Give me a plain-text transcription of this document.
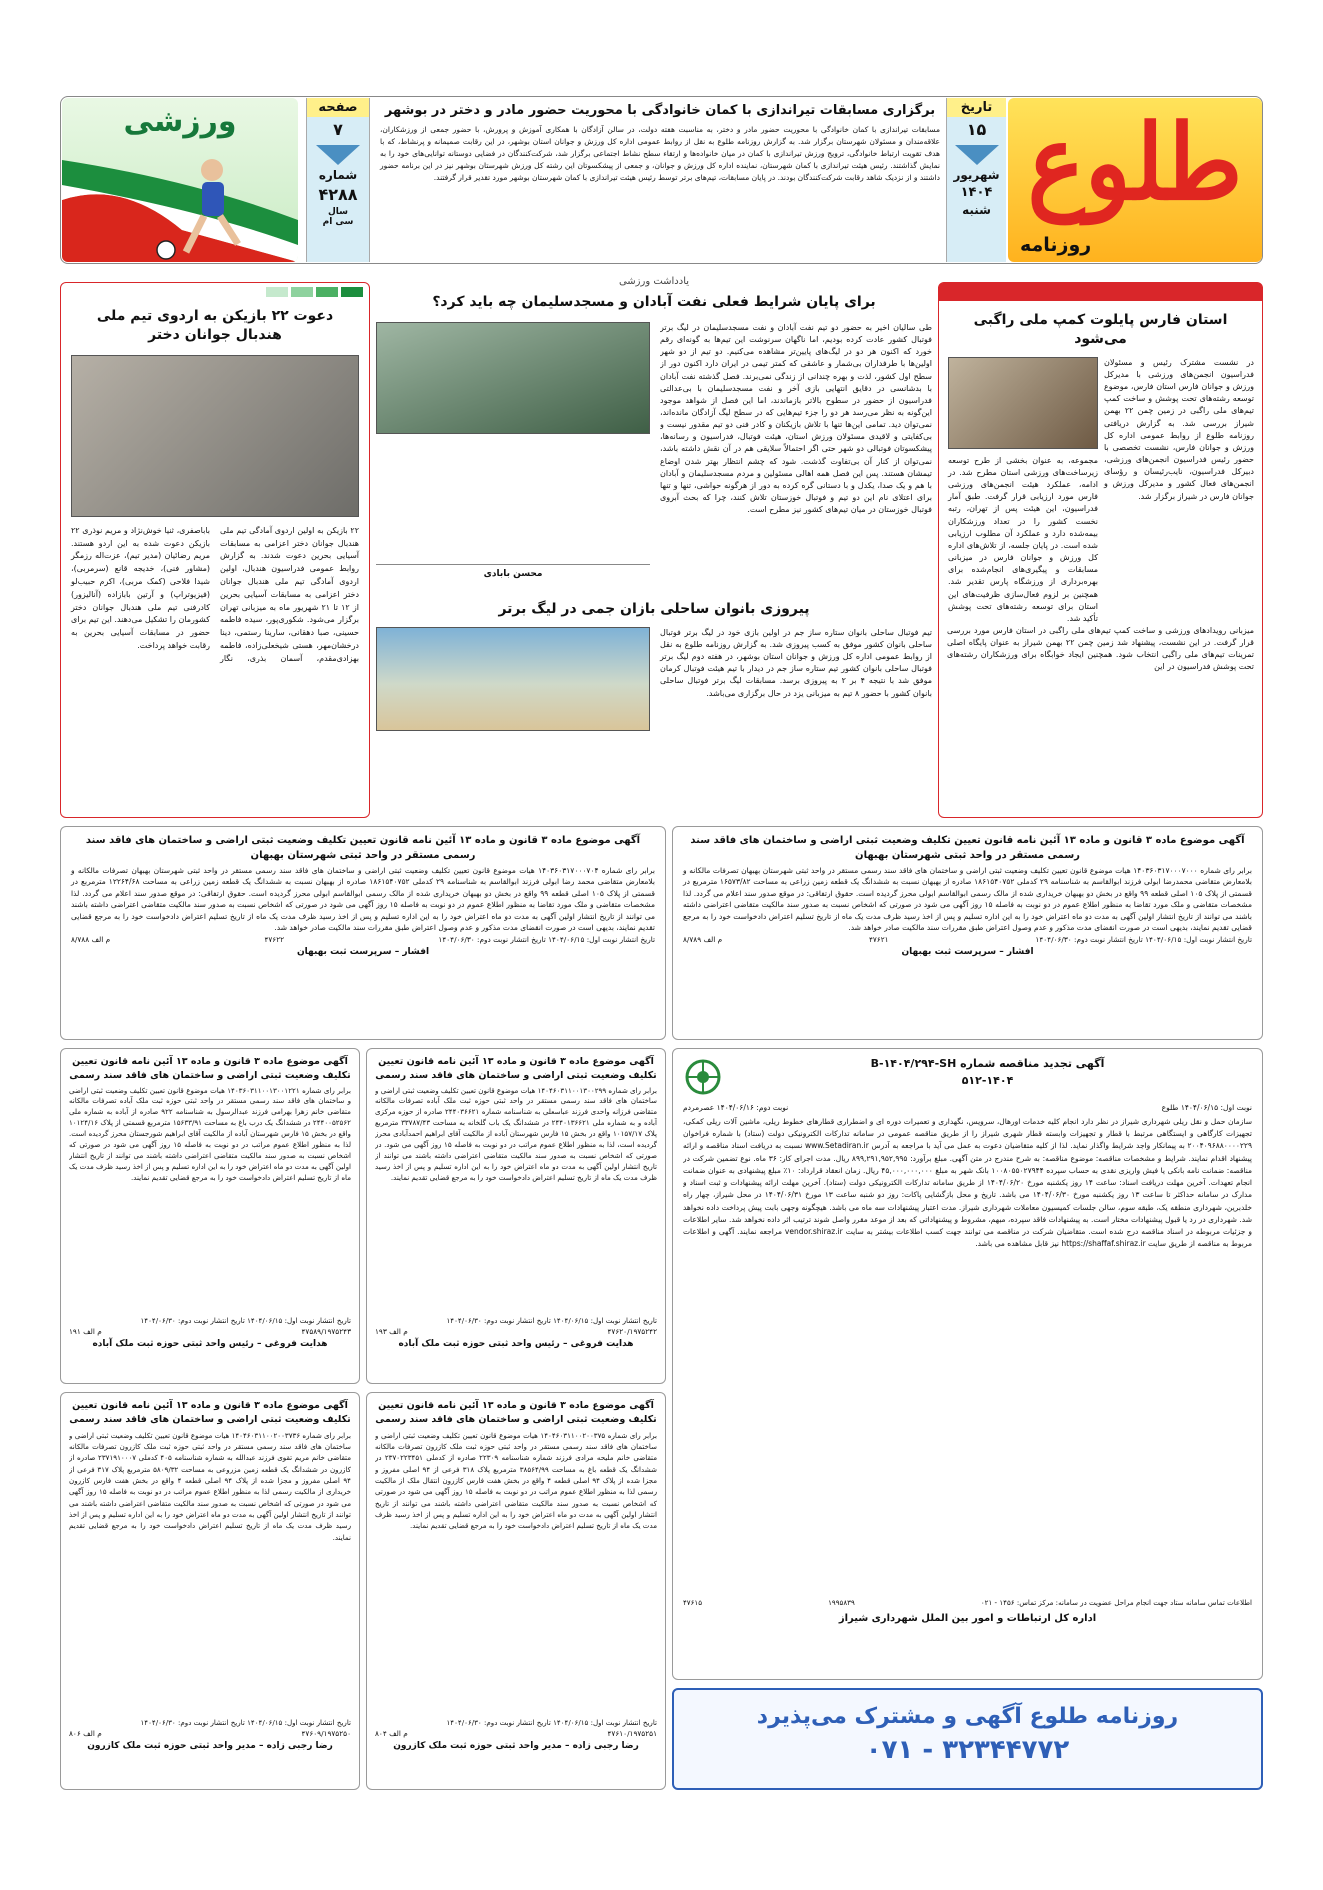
طلوع
روزنامه
تاریخ
۱۵
شهریور
۱۴۰۴
شنبه
برگزاری مسابقات تیراندازی با کمان خانوادگی با محوریت حضور مادر و دختر در بوشهر
مسابقات تیراندازی با کمان خانوادگی با محوریت حضور مادر و دختر، به مناسبت هفته دولت، در سالن آزادگان با همکاری آموزش و پرورش، با حضور جمعی از ورزشکاران، علاقه‌مندان و مسئولان شهرستان برگزار شد. به گزارش روزنامه طلوع به نقل از روابط عمومی اداره کل ورزش و جوانان استان بوشهر، در این رقابت صمیمانه و پرنشاط، که با هدف تقویت ارتباط خانوادگی، ترویج ورزش تیراندازی با کمان در میان خانواده‌ها و ارتقاء سطح نشاط اجتماعی برگزار شد، شرکت‌کنندگان در فضایی دوستانه توانایی‌های خود را به نمایش گذاشتند. رئیس هیئت تیراندازی با کمان شهرستان، نماینده اداره کل ورزش و جوانان، و جمعی از پیشکسوتان این رشته کل ورزش شهرستان بوشهر نیز در این برنامه حضور داشتند و از نزدیک شاهد رقابت شرکت‌کنندگان بودند. در پایان مسابقات، تیم‌های برتر توسط رئیس هیئت تیراندازی با کمان شهرستان بوشهر مورد تقدیر قرار گرفتند.
صفحه
۷
شماره
۴۲۸۸
سال
سی ام
ورزشی
استان فارس پایلوت کمپ ملی راگبی می‌شود
در نشست مشترک رئیس و مسئولان فدراسیون انجمن‌های ورزشی با مدیرکل ورزش و جوانان فارس استان فارس، موضوع توسعه رشته‌های تحت پوشش و ساخت کمپ تیم‌های ملی راگبی در زمین چمن ۲۲ بهمن شیراز بررسی شد. به گزارش دریافتی روزنامه طلوع از روابط عمومی اداره کل ورزش و جوانان فارس، نشست تخصصی با حضور رئیس فدراسیون انجمن‌های ورزشی، دبیرکل فدراسیون، نایب‌رئیسان و رؤسای انجمن‌های فعال کشور و مدیرکل ورزش و جوانان فارس در شیراز برگزار شد.
مجموعه، به عنوان بخشی از طرح توسعه زیرساخت‌های ورزشی استان مطرح شد. در ادامه، عملکرد هیئت انجمن‌های ورزشی فارس مورد ارزیابی قرار گرفت. طبق آمار فدراسیون، این هیئت پس از تهران، رتبه نخست کشور را در تعداد ورزشکاران بیمه‌شده دارد و عملکرد آن مطلوب ارزیابی شده است. در پایان جلسه، از تلاش‌های اداره کل ورزش و جوانان فارس در میزبانی مسابقات و پیگیری‌های انجام‌شده برای بهره‌برداری از ورزشگاه پارس تقدیر شد. همچنین بر لزوم فعال‌سازی ظرفیت‌های این استان برای توسعه رشته‌های تحت پوشش تأکید شد.
میزبانی رویدادهای ورزشی و ساخت کمپ تیم‌های ملی راگبی در استان فارس مورد بررسی قرار گرفت. در این نشست، پیشنهاد شد زمین چمن ۲۲ بهمن شیراز به عنوان پایگاه اصلی تمرینات تیم‌های ملی راگبی انتخاب شود. همچنین ایجاد خوابگاه برای ورزشکاران رشته‌های تحت پوشش فدراسیون در این
یادداشت ورزشی
برای پایان شرایط فعلی نفت آبادان و مسجدسلیمان چه باید کرد؟
طی سالیان اخیر به حضور دو تیم نفت آبادان و نفت مسجدسلیمان در لیگ برتر فوتبال کشور عادت کرده بودیم، اما ناگهان سرنوشت این تیم‌ها به گونه‌ای رقم خورد که اکنون هر دو در لیگ‌های پایین‌تر مشاهده می‌کنیم. دو تیم از دو شهر اولین‌ها با طرفداران بی‌شمار و عاشقی که کمتر تیمی در ایران دارد اکنون دور از سطح اول کشور، لذت و بهره چندانی از زندگی نمی‌برند. فصل گذشته نفت آبادان با بدشانسی در دقایق انتهایی بازی آخر و نفت مسجدسلیمان با بی‌عدالتی فدراسیون از حضور در سطوح بالاتر بازماندند، اما این فصل از شواهد موجود این‌گونه به نظر می‌رسد هر دو را جزء تیم‌هایی که در سطح لیگ آزادگان مانده‌اند، نمی‌توان دید. تمامی این‌ها تنها با تلاش بازیکنان و کادر فنی دو تیم مقدور نیست و بی‌کفایتی و لاقیدی مسئولان ورزش استان، هیئت فوتبال، فدراسیون و رسانه‌ها، پیشکسوتان فوتبالی دو شهر حتی اگر احتمالاً سلایقی هم در آن نقش داشته باشد، نمی‌توان از کنار آن بی‌تفاوت گذشت. شود که چشم انتظار بهتر شدن اوضاع تیمشان هستند. پس این فصل همه اهالی مسئولین و مردم مسجدسلیمان و آبادان با هم و یک صدا، یکدل و با دستانی گره کرده به دور از هرگونه حواشی، تنها و تنها برای اعتلای نام این دو تیم و فوتبال خوزستان تلاش کنند، چرا که بحث آبروی فوتبال خوزستان در میان تیم‌های کشور نیز مطرح است.
محسن بابادی
پیروزی بانوان ساحلی بازان جمی در لیگ برتر
تیم فوتبال ساحلی بانوان ستاره ساز جم در اولین بازی خود در لیگ برتر فوتبال ساحلی بانوان کشور موفق به کسب پیروزی شد. به گزارش روزنامه طلوع به نقل از روابط عمومی اداره کل ورزش و جوانان استان بوشهر، در هفته دوم لیگ برتر فوتبال ساحلی بانوان کشور تیم ستاره ساز جم در دیدار با تیم هیئت فوتبال کرمان موفق شد با نتیجه ۴ بر ۲ به پیروزی برسد. مسابقات لیگ برتر فوتبال ساحلی بانوان کشور با حضور ۸ تیم به میزبانی یزد در حال برگزاری می‌باشد.
دعوت ۲۲ بازیکن به اردوی تیم ملی هندبال جوانان دختر
۲۲ بازیکن به اولین اردوی آمادگی تیم ملی هندبال جوانان دختر اعزامی به مسابقات آسیایی بحرین دعوت شدند. به گزارش روابط عمومی فدراسیون هندبال، اولین اردوی آمادگی تیم ملی هندبال جوانان دختر اعزامی به مسابقات آسیایی بحرین از ۱۲ تا ۲۱ شهریور ماه به میزبانی تهران برگزار می‌شود. شکوری‌پور، سیده فاطمه حسینی، صبا دهقانی، سارینا رستمی، دینا درخشان‌مهر، هستی شیخعلی‌زاده، فاطمه بهزادی‌مقدم، آسمان بذری، نگار باباصفری، ثنیا خوش‌نژاد و مریم نوذری ۲۲ بازیکن دعوت شده به این اردو هستند. مریم رضائیان (مدیر تیم)، عزت‌اله رزمگر (مشاور فنی)، خدیجه قانع (سرمربی)، شیدا فلاحی (کمک مربی)، اکرم حبیب‌لو (فیزیوتراپ) و آرتین بابازاده (آنالیزور) کادرفنی تیم ملی هندبال جوانان دختر کشورمان را تشکیل می‌دهند. این تیم برای حضور در مسابقات آسیایی بحرین به رقابت خواهد پرداخت.
آگهی موضوع ماده ۳ قانون و ماده ۱۳ آئین نامه قانون تعیین تکلیف وضعیت ثبتی اراضی و ساختمان های فاقد سند رسمی مستقر در واحد ثبتی شهرستان بهبهان
برابر رای شماره ۱۴۰۳۶۰۳۱۷۰۰۰۷۰۰۰ هیات موضوع قانون تعیین تکلیف وضعیت ثبتی اراضی و ساختمان های فاقد سند رسمی مستقر در واحد ثبتی شهرستان بهبهان تصرفات مالکانه و بلامعارض متقاضی محمدرضا ابولی فرزند ابوالقاسم به شناسنامه ۲۹ کدملی ۱۸۶۱۵۴۰۷۵۲ صادره از بهبهان نسبت به ششدانگ یک قطعه زمین زراعی به مساحت ۱۶۵۷۳/۸۲ مترمربع در قسمتی از پلاک ۱۰۵ اصلی قطعه ۹۹ واقع در بخش دو بهبهان خریداری شده از مالک رسمی ابوالقاسم ابولی محرز گردیده است. حقوق ارتفاقی: در موقع صدور سند اعلام می گردد. لذا مشخصات متقاضی و ملک مورد تقاضا به منظور اطلاع عموم در دو نوبت به فاصله ۱۵ روز آگهی می شود در صورتی که اشخاص نسبت به صدور سند مالکیت متقاضی اعتراضی داشته باشند می توانند از تاریخ انتشار اولین آگهی به مدت دو ماه اعتراض خود را به این اداره تسلیم و پس از اخذ رسید ظرف مدت یک ماه از تاریخ تسلیم اعتراض دادخواست خود را به مرجع قضایی تقدیم نمایند، بدیهی است در صورت انقضای مدت مذکور و عدم وصول اعتراض طبق مقررات سند مالکیت صادر خواهد شد.
تاریخ انتشار نوبت اول: ۱۴۰۴/۰۶/۱۵ تاریخ انتشار نوبت دوم: ۱۴۰۴/۰۶/۳۰
۴۷۶۲۱
م الف ۸/۷۸۹
افشار – سرپرست ثبت بهبهان
آگهی موضوع ماده ۳ قانون و ماده ۱۳ آئین نامه قانون تعیین تکلیف وضعیت ثبتی اراضی و ساختمان های فاقد سند رسمی مستقر در واحد ثبتی شهرستان بهبهان
برابر رای شماره ۱۴۰۳۶۰۳۱۷۰۰۰۷۰۴ هیات موضوع قانون تعیین تکلیف وضعیت ثبتی اراضی و ساختمان های فاقد سند رسمی مستقر در واحد ثبتی شهرستان بهبهان تصرفات مالکانه و بلامعارض متقاضی محمد رضا ابولی فرزند ابوالقاسم به شناسنامه ۲۹ کدملی ۱۸۶۱۵۴۰۷۵۲ صادره از بهبهان نسبت به ششدانگ یک قطعه زمین زراعی به مساحت ۱۲۲۶۴/۶۸ مترمربع در قسمتی از پلاک ۱۰۵ اصلی قطعه ۹۹ واقع در بخش دو بهبهان خریداری شده از مالک رسمی ابوالقاسم ابولی محرز گردیده است. حقوق ارتفاقی: در موقع صدور سند اعلام می گردد. لذا مشخصات متقاضی و ملک مورد تقاضا به منظور اطلاع عموم در دو نوبت به فاصله ۱۵ روز آگهی می شود در صورتی که اشخاص نسبت به صدور سند مالکیت متقاضی اعتراضی داشته باشند می توانند از تاریخ انتشار اولین آگهی به مدت دو ماه اعتراض خود را به این اداره تسلیم و پس از اخذ رسید ظرف مدت یک ماه از تاریخ تسلیم اعتراض دادخواست خود را به مرجع قضایی تقدیم نمایند، بدیهی است در صورت انقضای مدت مذکور و عدم وصول اعتراض طبق مقررات سند مالکیت صادر خواهد شد.
تاریخ انتشار نوبت اول: ۱۴۰۴/۰۶/۱۵ تاریخ انتشار نوبت دوم: ۱۴۰۴/۰۶/۳۰
۴۷۶۲۲
م الف ۸/۷۸۸
افشار – سرپرست ثبت بهبهان
آگهی موضوع ماده ۳ قانون و ماده ۱۳ آئین نامه قانون تعیین تکلیف وضعیت ثبتی اراضی و ساختمان های فاقد سند رسمی
برابر رای شماره ۱۴۰۴۶۰۳۱۱۰۰۱۳۰۰۲۹۹ هیات موضوع قانون تعیین تکلیف وضعیت ثبتی اراضی و ساختمان های فاقد سند رسمی مستقر در واحد ثبتی حوزه ثبت ملک آباده تصرفات مالکانه متقاضی فرزانه واحدی فرزند عباسعلی به شناسنامه شماره ۲۴۴۰۳۶۶۲۱ صادره از حوزه مرکزی آباده و به شماره ملی ۲۴۴۰۱۳۶۶۲۱ در ششدانگ یک باب گلخانه به مساحت ۳۳۷۸۷/۴۳ مترمربع پلاک ۱۰۱۵۷/۱۷ واقع در بخش ۱۵ فارس شهرستان آباده از مالکیت آقای ابراهیم احمدآبادی محرز گردیده است، لذا به منظور اطلاع عموم مراتب در دو نوبت به فاصله ۱۵ روز آگهی می شود. در صورتی که اشخاص نسبت به صدور سند مالکیت متقاضی اعتراضی داشته باشند می توانند از تاریخ انتشار اولین آگهی به مدت دو ماه اعتراض خود را به این اداره تسلیم و پس از اخذ رسید ظرف مدت یک ماه از تاریخ تسلیم اعتراض دادخواست خود را به مرجع قضایی تقدیم نمایند.
تاریخ انتشار نوبت اول: ۱۴۰۴/۰۶/۱۵ تاریخ انتشار نوبت دوم: ۱۴۰۴/۰۶/۳۰
۴۷۶۲۰/۱۹۷۵۲۴۲
م الف ۱۹۳
هدایت فروغی – رئیس واحد ثبتی حوزه ثبت ملک آباده
آگهی موضوع ماده ۳ قانون و ماده ۱۳ آئین نامه قانون تعیین تکلیف وضعیت ثبتی اراضی و ساختمان های فاقد سند رسمی
برابر رای شماره ۱۴۰۳۶۰۳۱۱۰۰۱۳۰۰۱۲۲۱ هیات موضوع قانون تعیین تکلیف وضعیت ثبتی اراضی و ساختمان های فاقد سند رسمی مستقر در واحد ثبتی حوزه ثبت ملک آباده تصرفات مالکانه متقاضی خانم زهرا بهرامی فرزند عبدالرسول به شناسنامه ۹۲۲ صادره از آباده به شماره ملی ۲۴۴۰۰۵۲۵۶۲ در ششدانگ یک درب باغ به مساحت ۱۵۶۳۳/۹۱ مترمربع قسمتی از پلاک ۱۰۱۲۴/۱۶ واقع در بخش ۱۵ فارس شهرستان آباده از مالکیت آقای ابراهیم شورجستان محرز گردیده است. لذا به منظور اطلاع عموم مراتب در دو نوبت به فاصله ۱۵ روز آگهی می شود در صورتی که اشخاص نسبت به صدور سند مالکیت متقاضی اعتراضی داشته باشند می توانند از تاریخ انتشار اولین آگهی به مدت دو ماه اعتراض خود را به این اداره تسلیم و پس از اخذ رسید ظرف مدت یک ماه از تاریخ تسلیم اعتراض دادخواست خود را به مرجع قضایی تقدیم نمایند.
تاریخ انتشار نوبت اول: ۱۴۰۴/۰۶/۱۵ تاریخ انتشار نوبت دوم: ۱۴۰۴/۰۶/۳۰
۴۷۵۸۹/۱۹۷۵۲۴۳
م الف ۱۹۱
هدایت فروغی – رئیس واحد ثبتی حوزه ثبت ملک آباده
آگهی موضوع ماده ۳ قانون و ماده ۱۳ آئین نامه قانون تعیین تکلیف وضعیت ثبتی اراضی و ساختمان های فاقد سند رسمی
برابر رای شماره ۱۴۰۴۶۰۳۱۱۰۰۲۰۰۳۷۵ هیات موضوع قانون تعیین تکلیف وضعیت ثبتی اراضی و ساختمان های فاقد سند رسمی مستقر در واحد ثبتی حوزه ثبت ملک کازرون تصرفات مالکانه متقاضی خانم ملیحه مرادی فرزند شماره شناسنامه ۲۲۳۰۹ صادره از کدملی ۲۳۷۰۲۲۳۴۵۱ در ششدانگ یک قطعه باغ به مساحت ۳۸۵۶۴/۹۹ مترمربع پلاک ۳۱۸ فرعی از ۹۴ اصلی مفروز و مجزا شده از پلاک ۹۴ اصلی قطعه ۴ واقع در بخش هفت فارس کازرون انتقال ملک از مالکیت رسمی لذا به منظور اطلاع عموم مراتب در دو نوبت به فاصله ۱۵ روز آگهی می شود در صورتی که اشخاص نسبت به صدور سند مالکیت متقاضی اعتراضی داشته باشند می توانند از تاریخ انتشار اولین آگهی به مدت دو ماه اعتراض خود را به این اداره تسلیم و پس از اخذ رسید ظرف مدت یک ماه از تاریخ تسلیم اعتراض دادخواست خود را به مرجع قضایی تقدیم نمایند.
تاریخ انتشار نوبت اول: ۱۴۰۴/۰۶/۱۵ تاریخ انتشار نوبت دوم: ۱۴۰۴/۰۶/۳۰
۴۷۶۱۰/۱۹۷۵۲۵۱
م الف ۸۰۴
رضا رجبی زاده – مدیر واحد ثبتی حوزه ثبت ملک کازرون
آگهی موضوع ماده ۳ قانون و ماده ۱۳ آئین نامه قانون تعیین تکلیف وضعیت ثبتی اراضی و ساختمان های فاقد سند رسمی
برابر رای شماره ۱۴۰۴۶۰۳۱۱۰۰۲۰۰۳۷۳۶ هیات موضوع قانون تعیین تکلیف وضعیت ثبتی اراضی و ساختمان های فاقد سند رسمی مستقر در واحد ثبتی حوزه ثبت ملک کازرون تصرفات مالکانه متقاضی خانم مریم تقوی فرزند عبدالله به شماره شناسنامه ۴۰۵ کدملی ۲۳۷۱۹۱۰۰۰۷ صادره از کازرون در ششدانگ یک قطعه زمین مزروعی به مساحت ۵۸۰۹/۳۲ مترمربع پلاک ۳۱۷ فرعی از ۹۴ اصلی مفروز و مجزا شده از پلاک ۹۴ اصلی قطعه ۴ واقع در بخش هفت فارس کازرون خریداری از مالکیت رسمی لذا به منظور اطلاع عموم مراتب در دو نوبت به فاصله ۱۵ روز آگهی می شود در صورتی که اشخاص نسبت به صدور سند مالکیت متقاضی اعتراضی داشته باشند می توانند از تاریخ انتشار اولین آگهی به مدت دو ماه اعتراض خود را به این اداره تسلیم و پس از اخذ رسید ظرف مدت یک ماه از تاریخ تسلیم اعتراض دادخواست خود را به مرجع قضایی تقدیم نمایند.
تاریخ انتشار نوبت اول: ۱۴۰۴/۰۶/۱۵ تاریخ انتشار نوبت دوم: ۱۴۰۴/۰۶/۳۰
۴۷۶۰۹/۱۹۷۵۲۵۰
م الف ۸۰۶
رضا رجبی زاده – مدیر واحد ثبتی حوزه ثبت ملک کازرون
آگهی تجدید مناقصه شماره B-۱۴۰۴/۲۹۴-SH
۵۱۲-۱۴۰۴
نوبت اول: ۱۴۰۴/۰۶/۱۵ طلوع
نوبت دوم: ۱۴۰۴/۰۶/۱۶ عصرمردم
سازمان حمل و نقل ریلی شهرداری شیراز در نظر دارد انجام کلیه خدمات اورهال، سرویس، نگهداری و تعمیرات دوره ای و اضطراری قطارهای خطوط ریلی، ماشین آلات ریلی کمکی، تجهیزات کارگاهی و ایستگاهی مرتبط با قطار و تجهیزات وابسته قطار شهری شیراز را از طریق مناقصه عمومی در سامانه تدارکات الکترونیکی دولت (ستاد) با شماره فراخوان ۲۰۰۴۰۹۶۸۸۰۰۰۰۲۲۹ به پیمانکار واجد شرایط واگذار نماید. لذا از کلیه متقاضیان دعوت به عمل می آید با مراجعه به آدرس www.Setadiran.ir نسبت به دریافت اسناد مناقصه و ارائه پیشنهاد اقدام نمایند. شرایط و مشخصات مناقصه: موضوع مناقصه: به شرح مندرج در متن آگهی. مبلغ برآورد: ۸۹۹,۲۹۱,۹۵۲,۹۹۵ ریال. مدت اجرای کار: ۳۶ ماه. نوع تضمین شرکت در مناقصه: ضمانت نامه بانکی یا فیش واریزی نقدی به حساب سپرده ۱۰۰۸۰۵۵۰۲۷۹۴۴ بانک شهر به مبلغ ۴۵,۰۰۰,۰۰۰,۰۰۰ ریال. زمان انعقاد قرارداد: ۱۰٪ مبلغ پیشنهادی به عنوان ضمانت انجام تعهدات. آخرین مهلت دریافت اسناد: ساعت ۱۴ روز یکشنبه مورخ ۱۴۰۴/۰۶/۲۰ از طریق سامانه تدارکات الکترونیکی دولت (ستاد). آخرین مهلت ارائه پیشنهادات و ثبت اسناد و مدارک در سامانه حداکثر تا ساعت ۱۳ روز یکشنبه مورخ ۱۴۰۴/۰۶/۳۰ می باشد. تاریخ و محل بازگشایی پاکات: روز دو شنبه ساعت ۱۳ مورخ ۱۴۰۴/۰۶/۳۱ در محل شیراز، چهار راه خلدبرین، شهرداری منطقه یک، طبقه سوم، سالن جلسات کمیسیون معاملات شهرداری شیراز. مدت اعتبار پیشنهادات سه ماه می باشد. هیچگونه وجهی بابت پیش پرداخت داده نخواهد شد. شهرداری در رد یا قبول پیشنهادات مختار است. به پیشنهادات فاقد سپرده، مبهم، مشروط و پیشنهاداتی که بعد از موعد مقرر واصل شوند ترتیب اثر داده نخواهد شد. سایر اطلاعات و جزئیات مربوطه در اسناد مناقصه درج شده است. متقاضیان شرکت در مناقصه می توانند جهت کسب اطلاعات بیشتر به سایت vendor.shiraz.ir مراجعه نمایند. آگهی و اطلاعات مربوط به مناقصه از طریق سایت https://shaffaf.shiraz.ir نیز قابل مشاهده می باشد.
اطلاعات تماس سامانه ستاد جهت انجام مراحل عضویت در سامانه: مرکز تماس: ۱۴۵۶ - ۰۲۱
۱۹۹۵۸۳۹
۴۷۶۱۵
اداره کل ارتباطات و امور بین الملل شهرداری شیراز
روزنامه طلوع آگهی و مشترک می‌پذیرد
۰۷۱ - ۳۲۳۴۴۷۷۲
